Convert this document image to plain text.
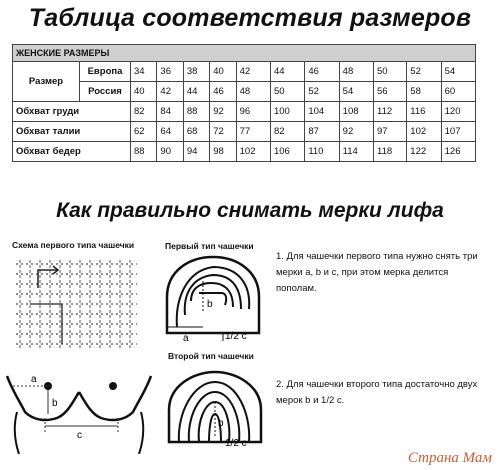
Таблица соответствия размеров
ЖЕНСКИЕ РАЗМЕРЫ												
Размер	Европа	34	36	38	40	42	44	46	48	50	52	54
	Россия	40	42	44	46	48	50	52	54	56	58	60
Обхват груди		82	84	88	92	96	100	104	108	112	116	120
Обхват талии		62	64	68	72	77	82	87	92	97	102	107
Обхват бедер		88	90	94	98	102	106	110	114	118	122	126
Как правильно снимать мерки лифа
Схема первого типа чашечки
a
b
c
Первый тип чашечки
b
a	1/2 c
Второй тип чашечки
b
1/2 c
1. Для чашечки первого типа нужно снять три мерки a, b и c, при этом мерка делится пополам.
2. Для чашечки второго типа достаточно двух мерок b и 1/2 c.
Страна Мам
